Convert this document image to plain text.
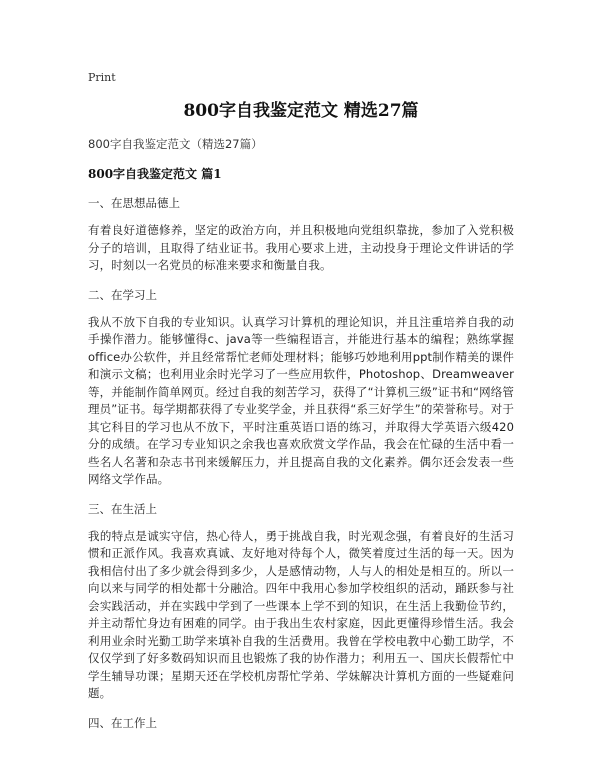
Print
800字自我鉴定范文 精选27篇
800字自我鉴定范文（精选27篇）
800字自我鉴定范文 篇1
一、在思想品德上
有着良好道德修养，坚定的政治方向，并且积极地向党组织靠拢，参加了入党积极分子的培训，且取得了结业证书。我用心要求上进，主动投身于理论文件讲话的学习，时刻以一名党员的标准来要求和衡量自我。
二、在学习上
我从不放下自我的专业知识。认真学习计算机的理论知识，并且注重培养自我的动手操作潜力。能够懂得c、java等一些编程语言，并能进行基本的编程；熟练掌握office办公软件，并且经常帮忙老师处理材料；能够巧妙地利用ppt制作精美的课件和演示文稿；也利用业余时光学习了一些应用软件，Photoshop、Dreamweaver等，并能制作简单网页。经过自我的刻苦学习，获得了“计算机三级”证书和“网络管理员”证书。每学期都获得了专业奖学金，并且获得“系三好学生”的荣誉称号。对于其它科目的学习也从不放下，平时注重英语口语的练习，并取得大学英语六级420分的成绩。在学习专业知识之余我也喜欢欣赏文学作品，我会在忙碌的生活中看一些名人名著和杂志书刊来缓解压力，并且提高自我的文化素养。偶尔还会发表一些网络文学作品。
三、在生活上
我的特点是诚实守信，热心待人，勇于挑战自我，时光观念强，有着良好的生活习惯和正派作风。我喜欢真诚、友好地对待每个人，微笑着度过生活的每一天。因为我相信付出了多少就会得到多少，人是感情动物，人与人的相处是相互的。所以一向以来与同学的相处都十分融洽。四年中我用心参加学校组织的活动，踊跃参与社会实践活动，并在实践中学到了一些课本上学不到的知识，在生活上我勤俭节约，并主动帮忙身边有困难的同学。由于我出生农村家庭，因此更懂得珍惜生活。我会利用业余时光勤工助学来填补自我的生活费用。我曾在学校电教中心勤工助学，不仅仅学到了好多数码知识而且也锻炼了我的协作潜力；利用五一、国庆长假帮忙中学生辅导功课；星期天还在学校机房帮忙学弟、学妹解决计算机方面的一些疑难问题。
四、在工作上
